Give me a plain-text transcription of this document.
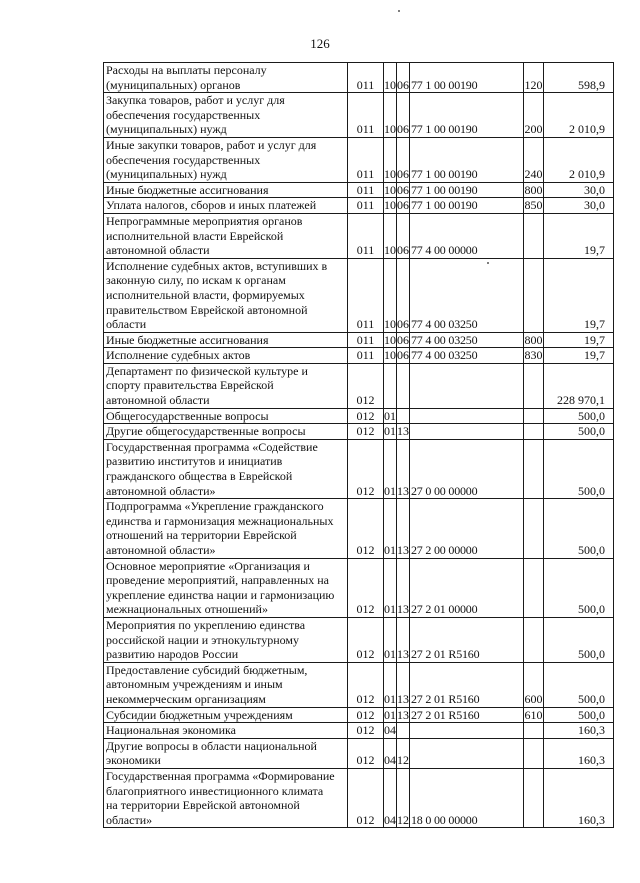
126
Расходы на выплаты персоналу
(муниципальных) органов	011	10	06	77 1 00 00190	120	598,9
Закупка товаров, работ и услуг для
обеспечения государственных
(муниципальных) нужд	011	10	06	77 1 00 00190	200	2 010,9
Иные закупки товаров, работ и услуг для
обеспечения государственных
(муниципальных) нужд	011	10	06	77 1 00 00190	240	2 010,9
Иные бюджетные ассигнования	011	10	06	77 1 00 00190	800	30,0
Уплата налогов, сборов и иных платежей	011	10	06	77 1 00 00190	850	30,0
Непрограммные мероприятия органов
исполнительной власти Еврейской
автономной области	011	10	06	77 4 00 00000		19,7
Исполнение судебных актов, вступивших в
законную силу, по искам к органам
исполнительной власти, формируемых
правительством Еврейской автономной
области	011	10	06	77 4 00 03250		19,7
Иные бюджетные ассигнования	011	10	06	77 4 00 03250	800	19,7
Исполнение судебных актов	011	10	06	77 4 00 03250	830	19,7
Департамент по физической культуре и
спорту правительства Еврейской
автономной области	012					228 970,1
Общегосударственные вопросы	012	01				500,0
Другие общегосударственные вопросы	012	01	13			500,0
Государственная программа «Содействие
развитию институтов и инициатив
гражданского общества в Еврейской
автономной области»	012	01	13	27 0 00 00000		500,0
Подпрограмма «Укрепление гражданского
единства и гармонизация межнациональных
отношений на территории Еврейской
автономной области»	012	01	13	27 2 00 00000		500,0
Основное мероприятие «Организация и
проведение мероприятий, направленных на
укрепление единства нации и гармонизацию
межнациональных отношений»	012	01	13	27 2 01 00000		500,0
Мероприятия по укреплению единства
российской нации и этнокультурному
развитию народов России	012	01	13	27 2 01 R5160		500,0
Предоставление субсидий бюджетным,
автономным учреждениям и иным
некоммерческим организациям	012	01	13	27 2 01 R5160	600	500,0
Субсидии бюджетным учреждениям	012	01	13	27 2 01 R5160	610	500,0
Национальная экономика	012	04				160,3
Другие вопросы в области национальной
экономики	012	04	12			160,3
Государственная программа «Формирование
благоприятного инвестиционного климата
на территории Еврейской автономной
области»	012	04	12	18 0 00 00000		160,3
